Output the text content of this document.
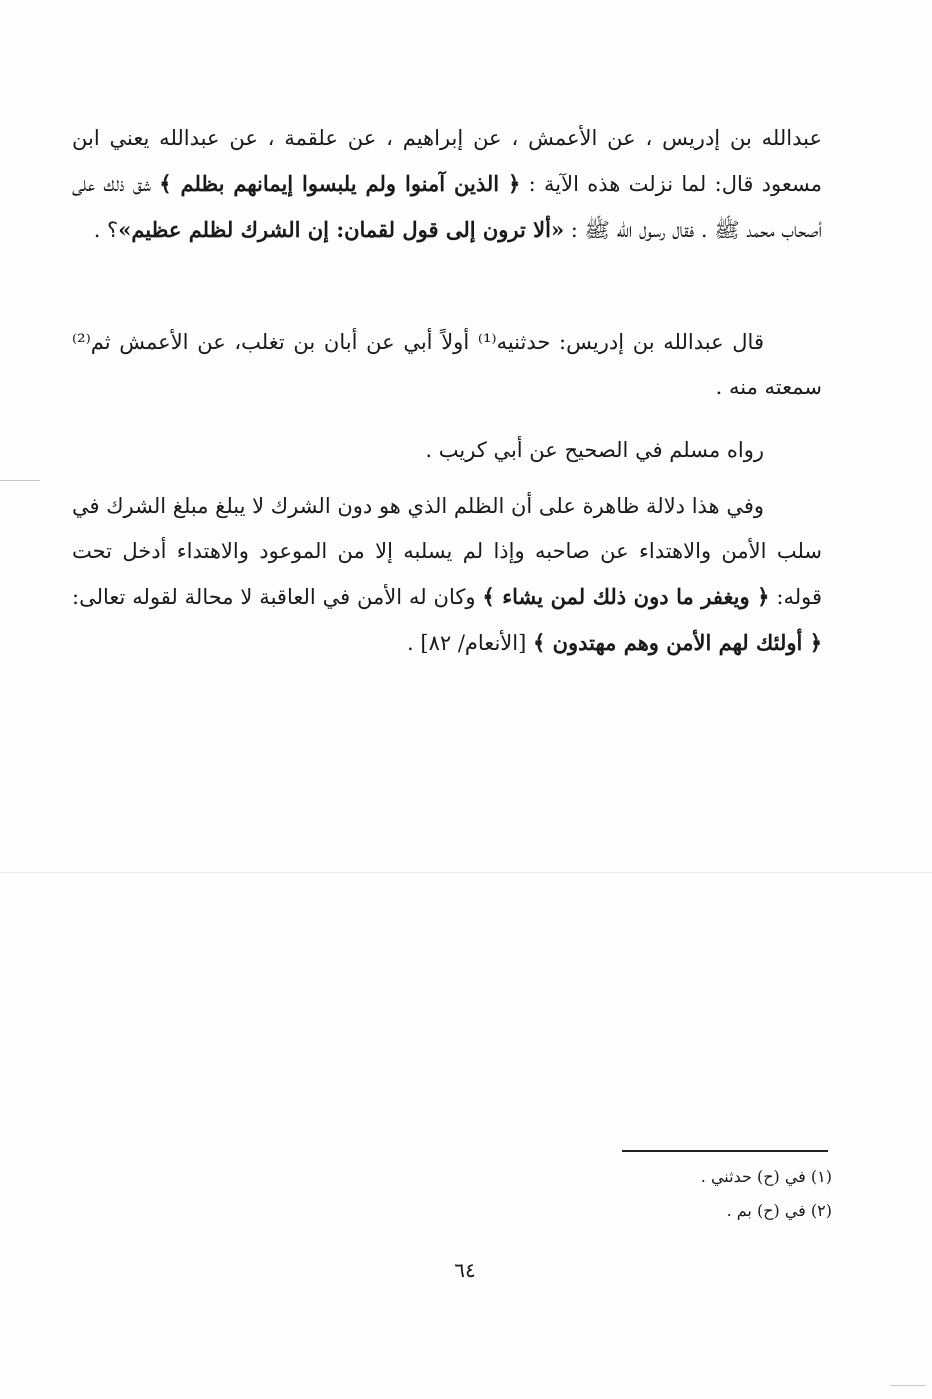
عبدالله بن إدريس ، عن الأعمش ، عن إبراهيم ، عن علقمة ، عن عبدالله يعني ابن مسعود قال: لما نزلت هذه الآية : ﴿ الذين آمنوا ولم يلبسوا إيمانهم بظلم ﴾ شق ذلك على أصحاب محمد ﷺ . فقال رسول الله ﷺ : «ألا ترون إلى قول لقمان: إن الشرك لظلم عظيم»؟ .
قال عبدالله بن إدريس: حدثنيه⁽¹⁾ أولاً أبي عن أبان بن تغلب، عن الأعمش ثم⁽²⁾ سمعته منه .
رواه مسلم في الصحيح عن أبي كريب .
وفي هذا دلالة ظاهرة على أن الظلم الذي هو دون الشرك لا يبلغ مبلغ الشرك في سلب الأمن والاهتداء عن صاحبه وإذا لم يسلبه إلا من الموعود والاهتداء أدخل تحت قوله: ﴿ ويغفر ما دون ذلك لمن يشاء ﴾ وكان له الأمن في العاقبة لا محالة لقوله تعالى: ﴿ أولئك لهم الأمن وهم مهتدون ﴾ [الأنعام/ ٨٢] .

(١) في (ح) حدثني .

(٢) في (ح) بم .

٦٤
